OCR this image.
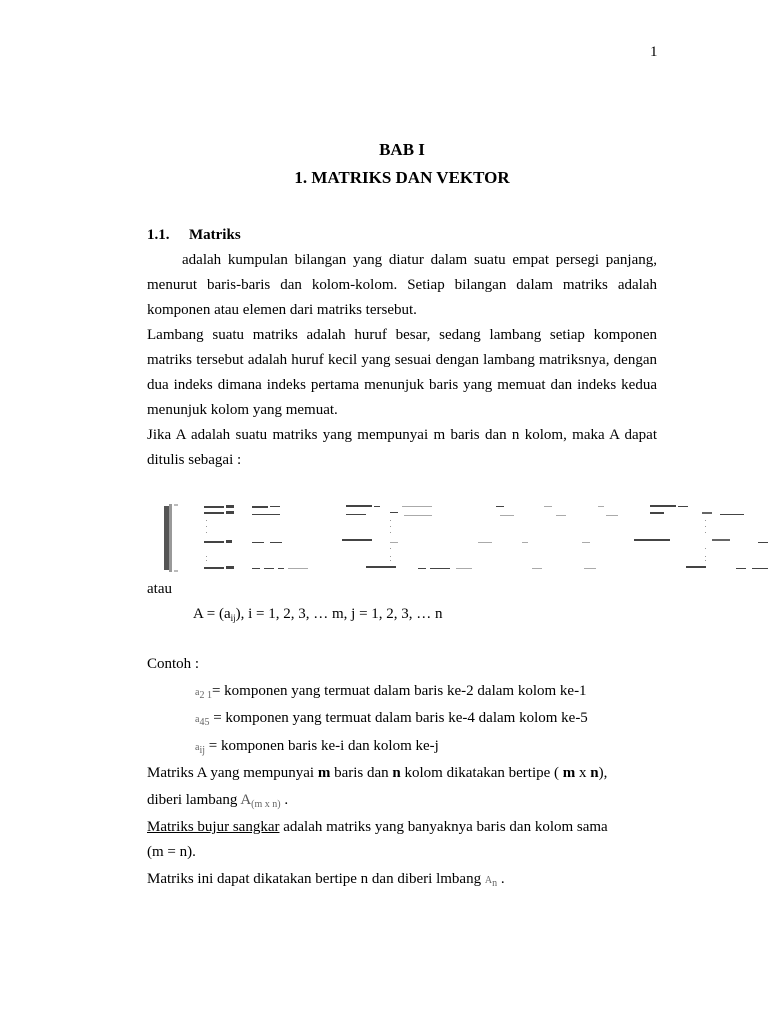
1
BAB I
1. MATRIKS DAN VEKTOR
1.1. Matriks
adalah kumpulan bilangan yang diatur dalam suatu empat persegi panjang, menurut baris-baris dan kolom-kolom. Setiap bilangan dalam matriks adalah komponen atau elemen dari matriks tersebut.
Lambang suatu matriks adalah huruf besar, sedang lambang setiap komponen matriks tersebut adalah huruf kecil yang sesuai dengan lambang matriksnya, dengan dua indeks dimana indeks pertama menunjuk baris yang memuat dan indeks kedua menunjuk kolom yang memuat.
Jika A adalah suatu matriks yang mempunyai m baris dan n kolom, maka A dapat ditulis sebagai :
atau
$A = (a_{ij})$, i = 1, 2, 3, … m, j = 1, 2, 3, … n
Contoh :
$a_{2 1}=$ komponen yang termuat dalam baris ke-2 dalam kolom ke-1
$a_{45}$ = komponen yang termuat dalam baris ke-4 dalam kolom ke-5
$a_{ij}$ = komponen baris ke-i dan kolom ke-j
Matriks A yang mempunyai m baris dan n kolom dikatakan bertipe ( m x n),
diberi lambang $A_{(m x n)}$ .
Matriks bujur sangkar adalah matriks yang banyaknya baris dan kolom sama
(m = n).
Matriks ini dapat dikatakan bertipe n dan diberi lmbang $A_n$ .
